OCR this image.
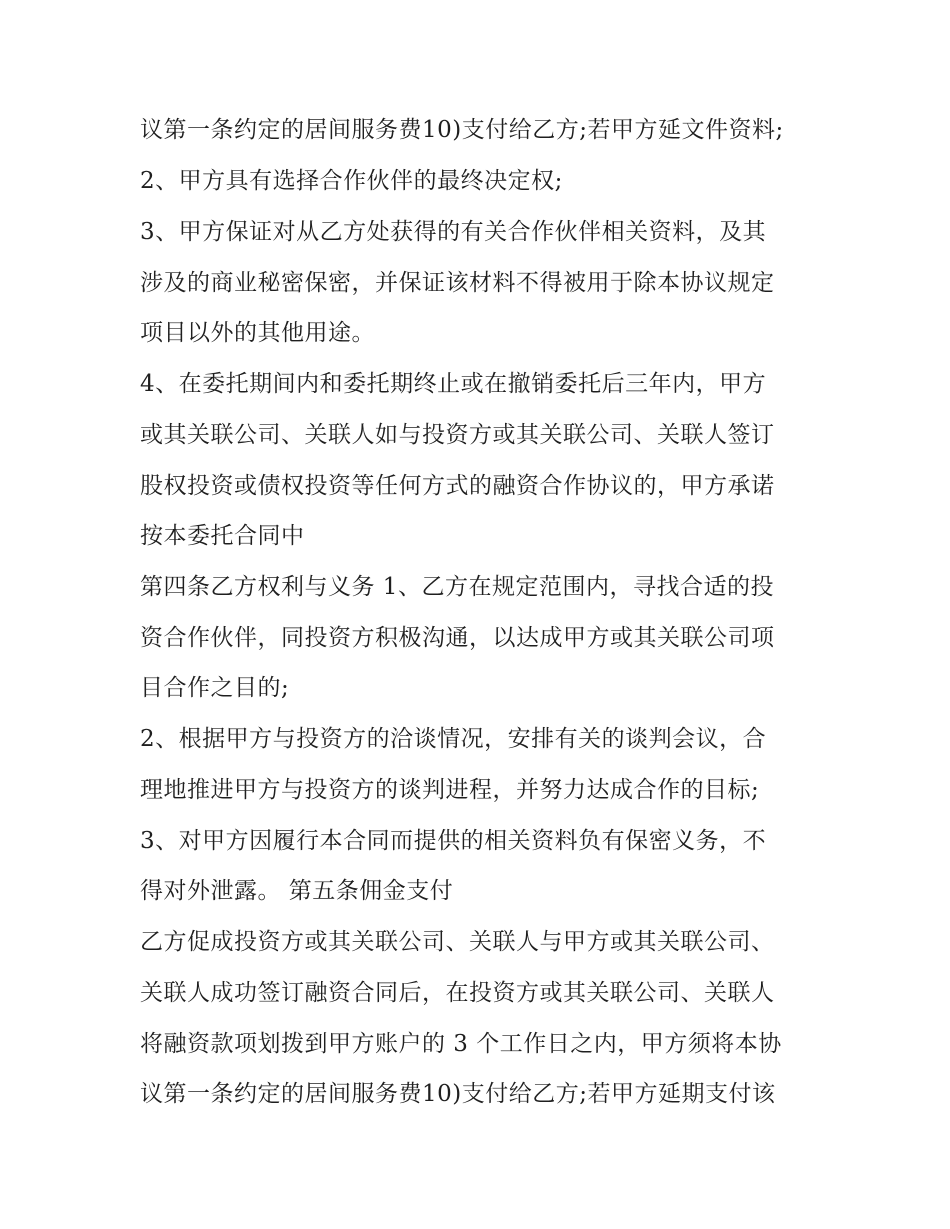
议第一条约定的居间服务费10)支付给乙方;若甲方延文件资料;
2、甲方具有选择合作伙伴的最终决定权;
3、甲方保证对从乙方处获得的有关合作伙伴相关资料，及其
涉及的商业秘密保密，并保证该材料不得被用于除本协议规定
项目以外的其他用途。
4、在委托期间内和委托期终止或在撤销委托后三年内，甲方
或其关联公司、关联人如与投资方或其关联公司、关联人签订
股权投资或债权投资等任何方式的融资合作协议的，甲方承诺
按本委托合同中
第四条乙方权利与义务 1、乙方在规定范围内，寻找合适的投
资合作伙伴，同投资方积极沟通，以达成甲方或其关联公司项
目合作之目的;
2、根据甲方与投资方的洽谈情况，安排有关的谈判会议，合
理地推进甲方与投资方的谈判进程，并努力达成合作的目标;
3、对甲方因履行本合同而提供的相关资料负有保密义务，不
得对外泄露。 第五条佣金支付
乙方促成投资方或其关联公司、关联人与甲方或其关联公司、
关联人成功签订融资合同后，在投资方或其关联公司、关联人
将融资款项划拨到甲方账户的 3 个工作日之内，甲方须将本协
议第一条约定的居间服务费10)支付给乙方;若甲方延期支付该
